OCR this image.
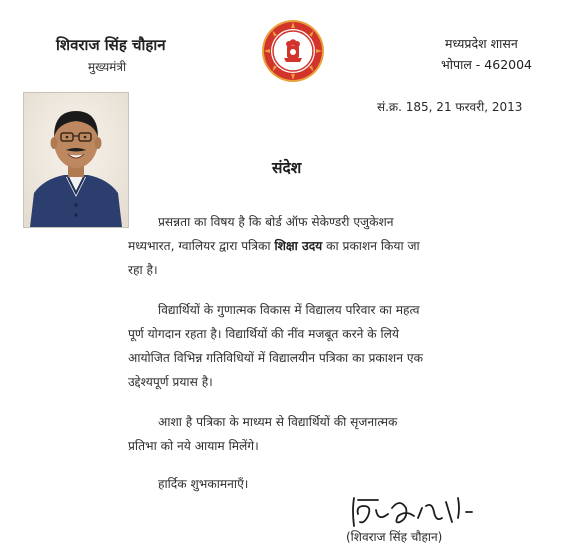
शिवराज सिंह चौहान
मुख्यमंत्री
मध्यप्रदेश शासन
भोपाल - 462004
सं.क्र. 185, 21 फरवरी, 2013
संदेश
प्रसन्नता का विषय है कि बोर्ड ऑफ सेकेण्डरी एजुकेशन
मध्यभारत, ग्वालियर द्वारा पत्रिका शिक्षा उदय का प्रकाशन किया जा
रहा है।
विद्यार्थियों के गुणात्मक विकास में विद्यालय परिवार का महत्व
पूर्ण योगदान रहता है। विद्यार्थियों की नींव मजबूत करने के लिये
आयोजित विभिन्न गतिविधियों में विद्यालयीन पत्रिका का प्रकाशन एक
उद्देश्यपूर्ण प्रयास है।
आशा है पत्रिका के माध्यम से विद्यार्थियों की सृजनात्मक
प्रतिभा को नये आयाम मिलेंगे।
हार्दिक शुभकामनाएँ।
(शिवराज सिंह चौहान)
